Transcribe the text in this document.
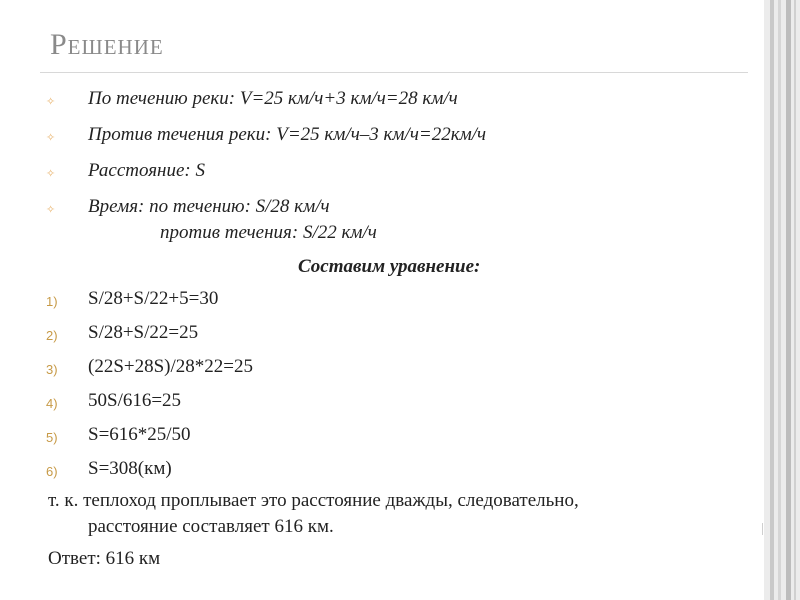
Решение
✧ По течению реки: V=25 км/ч+3 км/ч=28 км/ч
✧ Против течения реки: V=25 км/ч–3 км/ч=22км/ч
✧ Расстояние: S
✧ Время: по течению: S/28 км/ч
против течения: S/22 км/ч
Составим уравнение:
1) S/28+S/22+5=30
2) S/28+S/22=25
3) (22S+28S)/28*22=25
4) 50S/616=25
5) S=616*25/50
6) S=308(км)
т. к. теплоход проплывает это расстояние дважды, следовательно,
расстояние составляет 616 км.
Ответ: 616 км
